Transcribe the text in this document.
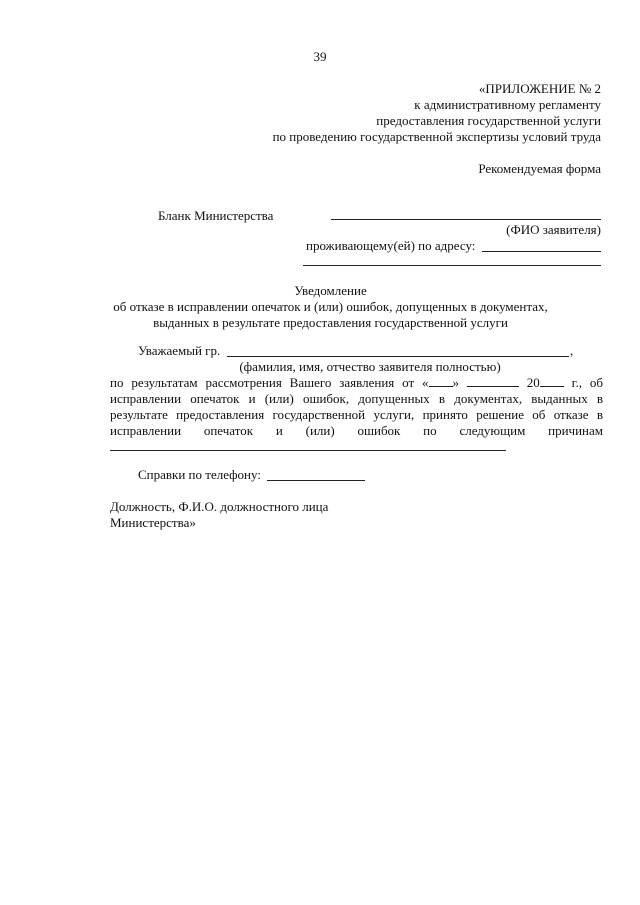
39
«ПРИЛОЖЕНИЕ № 2
к административному регламенту
предоставления государственной услуги
по проведению государственной экспертизы условий труда
Рекомендуемая форма
Бланк Министерства
(ФИО заявителя)
проживающему(ей) по адресу:
Уведомление
об отказе в исправлении опечаток и (или) ошибок, допущенных в документах,
выданных в результате предоставления государственной услуги
Уважаемый гр.	,
(фамилия, имя, отчество заявителя полностью)
по результатам рассмотрения Вашего заявления от « »	20 г., об
исправлении опечаток и (или) ошибок, допущенных в документах, выданных в
результате предоставления государственной услуги, принято решение об отказе в
исправлении опечаток и (или) ошибок по следующим причинам
Справки по телефону:
Должность, Ф.И.О. должностного лица
Министерства»
